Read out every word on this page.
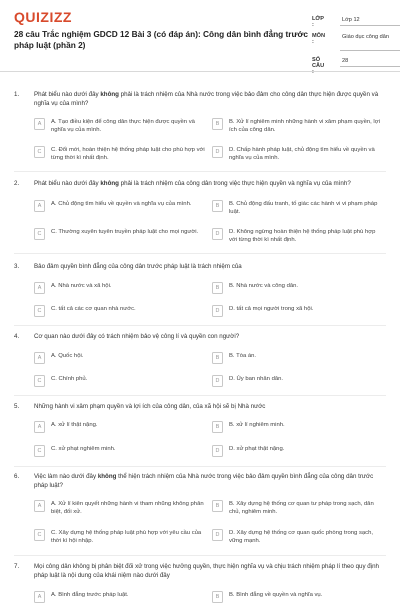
QUIZIZZ
28 câu Trắc nghiệm GDCD 12 Bài 3 (có đáp án): Công dân bình đẳng trước pháp luật (phần 2)
LỚP :
Lớp 12
MÔN :
Giáo dục công dân
SỐ CÂU :
28
1. Phát biểu nào dưới đây không phải là trách nhiệm của Nhà nước trong việc bảo đảm cho công dân thực hiện được quyền và nghĩa vụ của mình?
A	A. Tạo điều kiện để công dân thực hiện được quyền và nghĩa vụ của mình.
B	B. Xử lí nghiêm minh những hành vi xâm phạm quyền, lợi ích của công dân.
C	C. Đổi mới, hoàn thiện hệ thống pháp luật cho phù hợp với từng thời kì nhất định.
D	D. Chấp hành pháp luật, chủ động tìm hiểu về quyền và nghĩa vụ của mình.
2. Phát biểu nào dưới đây không phải là trách nhiệm của công dân trong việc thực hiện quyền và nghĩa vụ của mình?
A	A. Chủ động tìm hiểu về quyền và nghĩa vụ của mình.	B	B. Chủ động đấu tranh, tố giác các hành vi vi phạm pháp luật.
C	C. Thường xuyên tuyên truyền pháp luật cho mọi người.	D	D. Không ngừng hoàn thiện hệ thống pháp luật phù hợp với từng thời kì nhất định.
3. Bảo đảm quyền bình đẳng của công dân trước pháp luật là trách nhiệm của
A	A. Nhà nước và xã hội.	B	B. Nhà nước và công dân.
C	C. tất cả các cơ quan nhà nước.	D	D. tất cả mọi người trong xã hội.
4. Cơ quan nào dưới đây có trách nhiệm bảo vệ công lí và quyền con người?
A	A. Quốc hội.	B	B. Tòa án.
C	C. Chính phủ.	D	D. Ủy ban nhân dân.
5. Những hành vi xâm phạm quyền và lợi ích của công dân, của xã hội sẽ bị Nhà nước
A	A. xử lí thật nặng.	B	B. xử lí nghiêm minh.
C	C. xử phạt nghiêm minh.	D	D. xử phạt thật nặng.
6. Việc làm nào dưới đây không thể hiện trách nhiệm của Nhà nước trong việc bảo đảm quyền bình đẳng của công dân trước pháp luật?
A	A. Xử lí kiên quyết những hành vi tham nhũng không phân biệt, đối xử.
B	B. Xây dựng hệ thống cơ quan tư pháp trong sạch, dân chủ, nghiêm minh.
C	C. Xây dựng hệ thống pháp luật phù hợp với yêu cầu của thời kì hội nhập.
D	D. Xây dựng hệ thống cơ quan quốc phòng trong sạch, vững mạnh.
7. Mọi công dân không bị phân biệt đối xử trong việc hưởng quyền, thực hiện nghĩa vụ và chịu trách nhiệm pháp lí theo quy định pháp luật là nội dung của khái niệm nào dưới đây
A	A. Bình đẳng trước pháp luật.	B	B. Bình đẳng về quyền và nghĩa vụ.
